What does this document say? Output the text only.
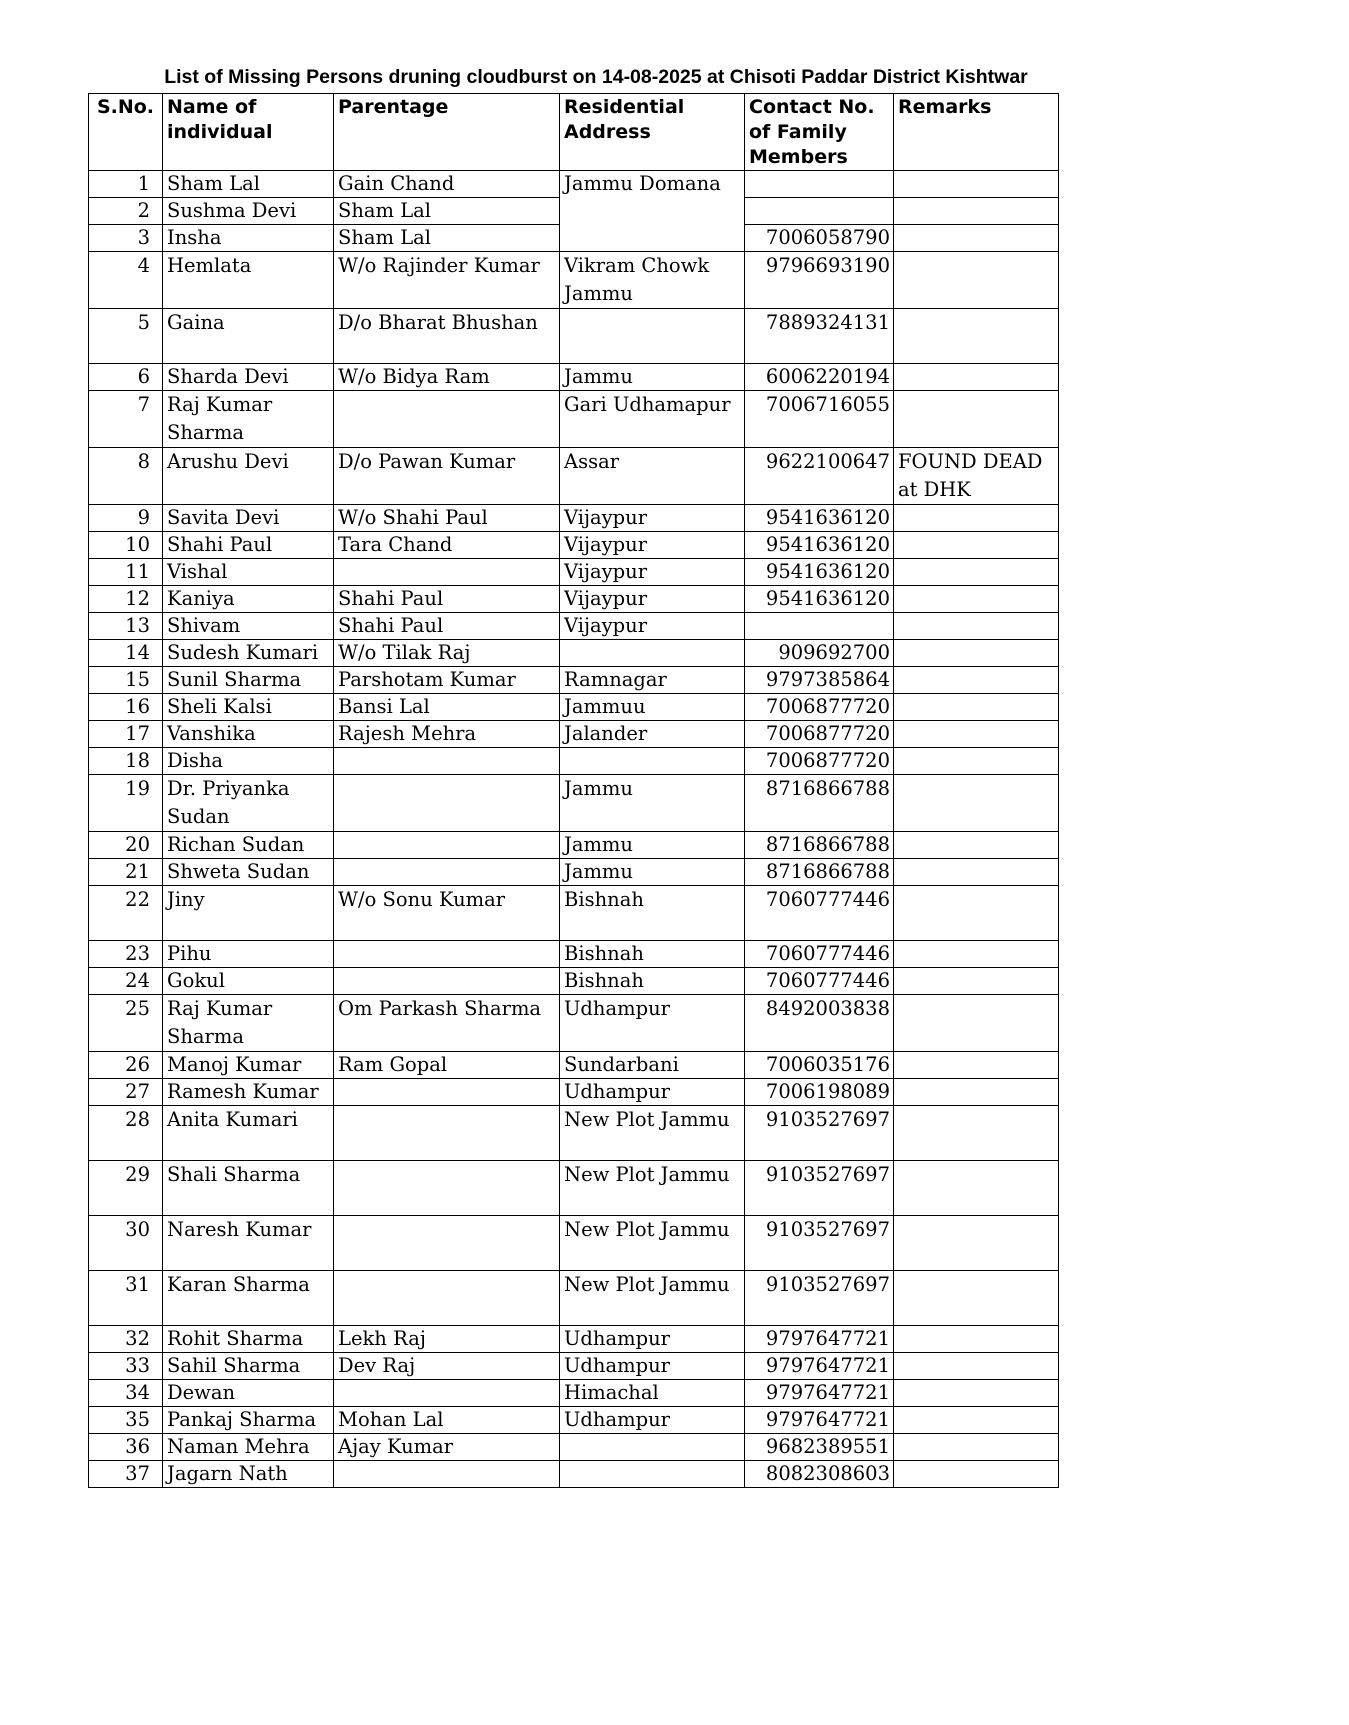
List of Missing Persons druning cloudburst on 14-08-2025 at Chisoti Paddar District Kishtwar
S.No.	Name of individual	Parentage	Residential Address	Contact No. of Family Members	Remarks
1	Sham Lal	Gain Chand	Jammu Domana		
2	Sushma Devi	Sham Lal			
3	Insha	Sham Lal		7006058790	
4	Hemlata	W/o Rajinder Kumar	Vikram Chowk Jammu	9796693190	
5	Gaina	D/o Bharat Bhushan		7889324131	
6	Sharda Devi	W/o Bidya Ram	Jammu	6006220194	
7	Raj Kumar Sharma		Gari Udhamapur	7006716055	
8	Arushu Devi	D/o Pawan Kumar	Assar	9622100647	FOUND DEAD at DHK
9	Savita Devi	W/o Shahi Paul	Vijaypur	9541636120	
10	Shahi Paul	Tara Chand	Vijaypur	9541636120	
11	Vishal		Vijaypur	9541636120	
12	Kaniya	Shahi Paul	Vijaypur	9541636120	
13	Shivam	Shahi Paul	Vijaypur		
14	Sudesh Kumari	W/o Tilak Raj		909692700	
15	Sunil Sharma	Parshotam Kumar	Ramnagar	9797385864	
16	Sheli Kalsi	Bansi Lal	Jammuu	7006877720	
17	Vanshika	Rajesh Mehra	Jalander	7006877720	
18	Disha			7006877720	
19	Dr. Priyanka Sudan		Jammu	8716866788	
20	Richan Sudan		Jammu	8716866788	
21	Shweta Sudan		Jammu	8716866788	
22	Jiny	W/o Sonu Kumar	Bishnah	7060777446	
23	Pihu		Bishnah	7060777446	
24	Gokul		Bishnah	7060777446	
25	Raj Kumar Sharma	Om Parkash Sharma	Udhampur	8492003838	
26	Manoj Kumar	Ram Gopal	Sundarbani	7006035176	
27	Ramesh Kumar		Udhampur	7006198089	
28	Anita Kumari		New Plot Jammu	9103527697	
29	Shali Sharma		New Plot Jammu	9103527697	
30	Naresh Kumar		New Plot Jammu	9103527697	
31	Karan Sharma		New Plot Jammu	9103527697	
32	Rohit Sharma	Lekh Raj	Udhampur	9797647721	
33	Sahil Sharma	Dev Raj	Udhampur	9797647721	
34	Dewan		Himachal	9797647721	
35	Pankaj Sharma	Mohan Lal	Udhampur	9797647721	
36	Naman Mehra	Ajay Kumar		9682389551	
37	Jagarn Nath			8082308603	
